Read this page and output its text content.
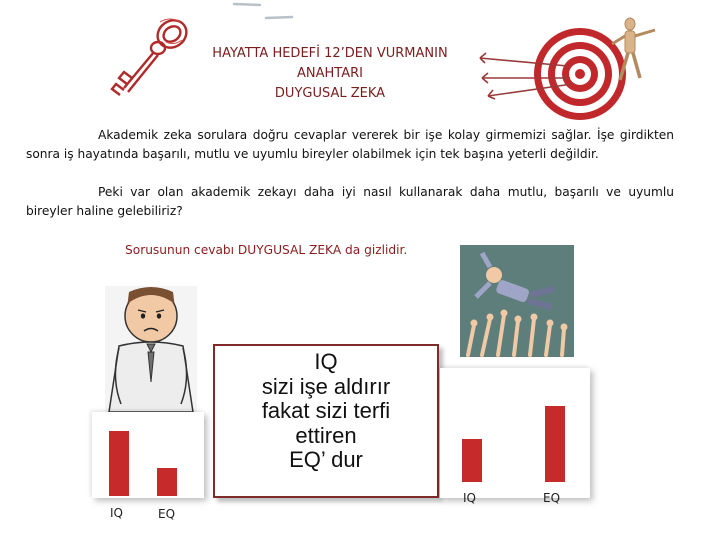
HAYATTA HEDEFİ 12’DEN VURMANIN
ANAHTARI
DUYGUSAL ZEKA
Akademik zeka sorulara doğru cevaplar vererek bir işe kolay girmemizi sağlar. İşe girdikten sonra iş hayatında başarılı, mutlu ve uyumlu bireyler olabilmek için tek başına yeterli değildir.
Peki var olan akademik zekayı daha iyi nasıl kullanarak daha mutlu, başarılı ve uyumlu bireyler haline gelebiliriz?
Sorusunun cevabı DUYGUSAL ZEKA da gizlidir.
IQ	EQ
IQ
sizi işe aldırır
fakat sizi terfi
ettiren
EQ’ dur
IQ	EQ
